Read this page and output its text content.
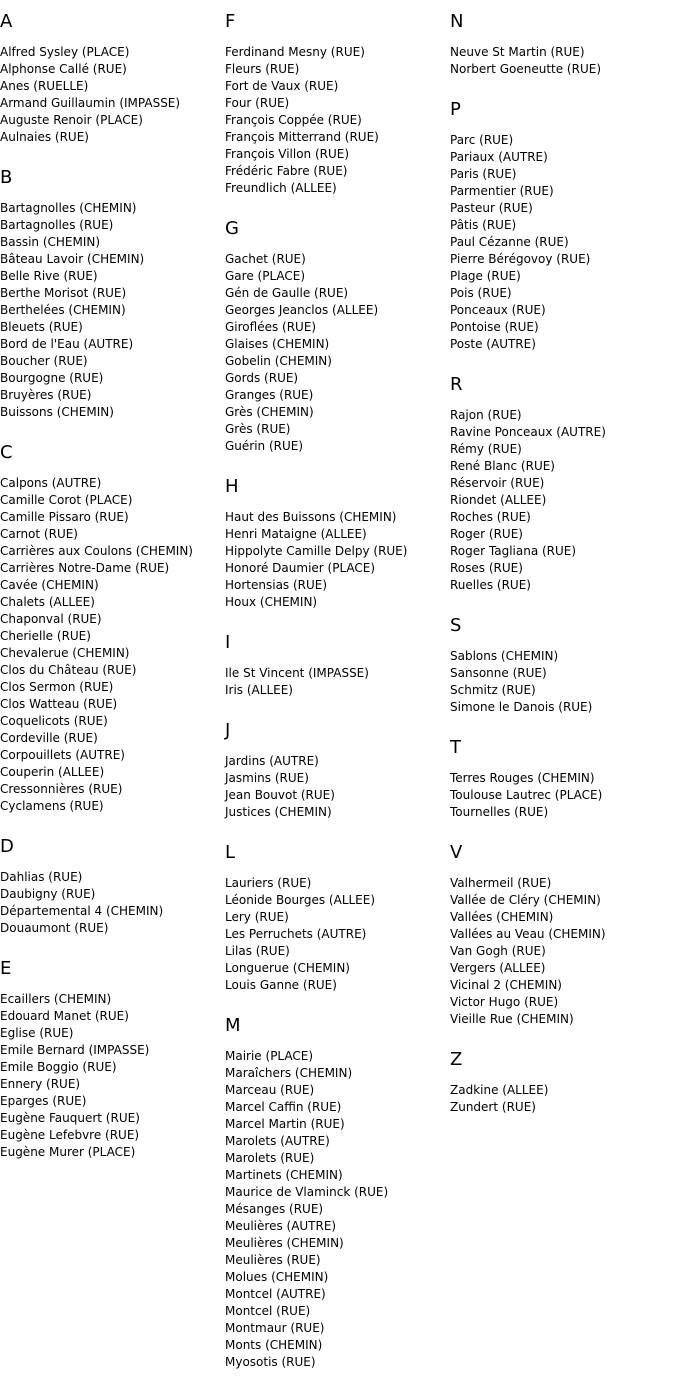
A
Alfred Sysley (PLACE)
Alphonse Callé (RUE)
Anes (RUELLE)
Armand Guillaumin (IMPASSE)
Auguste Renoir (PLACE)
Aulnaies (RUE)
B
Bartagnolles (CHEMIN)
Bartagnolles (RUE)
Bassin (CHEMIN)
Bâteau Lavoir (CHEMIN)
Belle Rive (RUE)
Berthe Morisot (RUE)
Berthelées (CHEMIN)
Bleuets (RUE)
Bord de l'Eau (AUTRE)
Boucher (RUE)
Bourgogne (RUE)
Bruyères (RUE)
Buissons (CHEMIN)
C
Calpons (AUTRE)
Camille Corot (PLACE)
Camille Pissaro (RUE)
Carnot (RUE)
Carrières aux Coulons (CHEMIN)
Carrières Notre-Dame (RUE)
Cavée (CHEMIN)
Chalets (ALLEE)
Chaponval (RUE)
Cherielle (RUE)
Chevalerue (CHEMIN)
Clos du Château (RUE)
Clos Sermon (RUE)
Clos Watteau (RUE)
Coquelicots (RUE)
Cordeville (RUE)
Corpouillets (AUTRE)
Couperin (ALLEE)
Cressonnières (RUE)
Cyclamens (RUE)
D
Dahlias (RUE)
Daubigny (RUE)
Départemental 4 (CHEMIN)
Douaumont (RUE)
E
Ecaillers (CHEMIN)
Edouard Manet (RUE)
Eglise (RUE)
Emile Bernard (IMPASSE)
Emile Boggio (RUE)
Ennery (RUE)
Eparges (RUE)
Eugène Fauquert (RUE)
Eugène Lefebvre (RUE)
Eugène Murer (PLACE)
F
Ferdinand Mesny (RUE)
Fleurs (RUE)
Fort de Vaux (RUE)
Four (RUE)
François Coppée (RUE)
François Mitterrand (RUE)
François Villon (RUE)
Frédéric Fabre (RUE)
Freundlich (ALLEE)
G
Gachet (RUE)
Gare (PLACE)
Gén de Gaulle (RUE)
Georges Jeanclos (ALLEE)
Giroflées (RUE)
Glaises (CHEMIN)
Gobelin (CHEMIN)
Gords (RUE)
Granges (RUE)
Grès (CHEMIN)
Grès (RUE)
Guérin (RUE)
H
Haut des Buissons (CHEMIN)
Henri Mataigne (ALLEE)
Hippolyte Camille Delpy (RUE)
Honoré Daumier (PLACE)
Hortensias (RUE)
Houx (CHEMIN)
I
Ile St Vincent (IMPASSE)
Iris (ALLEE)
J
Jardins (AUTRE)
Jasmins (RUE)
Jean Bouvot (RUE)
Justices (CHEMIN)
L
Lauriers (RUE)
Léonide Bourges (ALLEE)
Lery (RUE)
Les Perruchets (AUTRE)
Lilas (RUE)
Longuerue (CHEMIN)
Louis Ganne (RUE)
M
Mairie (PLACE)
Maraîchers (CHEMIN)
Marceau (RUE)
Marcel Caffin (RUE)
Marcel Martin (RUE)
Marolets (AUTRE)
Marolets (RUE)
Martinets (CHEMIN)
Maurice de Vlaminck (RUE)
Mésanges (RUE)
Meulières (AUTRE)
Meulières (CHEMIN)
Meulières (RUE)
Molues (CHEMIN)
Montcel (AUTRE)
Montcel (RUE)
Montmaur (RUE)
Monts (CHEMIN)
Myosotis (RUE)
N
Neuve St Martin (RUE)
Norbert Goeneutte (RUE)
P
Parc (RUE)
Pariaux (AUTRE)
Paris (RUE)
Parmentier (RUE)
Pasteur (RUE)
Pâtis (RUE)
Paul Cézanne (RUE)
Pierre Bérégovoy (RUE)
Plage (RUE)
Pois (RUE)
Ponceaux (RUE)
Pontoise (RUE)
Poste (AUTRE)
R
Rajon (RUE)
Ravine Ponceaux (AUTRE)
Rémy (RUE)
René Blanc (RUE)
Réservoir (RUE)
Riondet (ALLEE)
Roches (RUE)
Roger (RUE)
Roger Tagliana (RUE)
Roses (RUE)
Ruelles (RUE)
S
Sablons (CHEMIN)
Sansonne (RUE)
Schmitz (RUE)
Simone le Danois (RUE)
T
Terres Rouges (CHEMIN)
Toulouse Lautrec (PLACE)
Tournelles (RUE)
V
Valhermeil (RUE)
Vallée de Cléry (CHEMIN)
Vallées (CHEMIN)
Vallées au Veau (CHEMIN)
Van Gogh (RUE)
Vergers (ALLEE)
Vicinal 2 (CHEMIN)
Victor Hugo (RUE)
Vieille Rue (CHEMIN)
Z
Zadkine (ALLEE)
Zundert (RUE)
